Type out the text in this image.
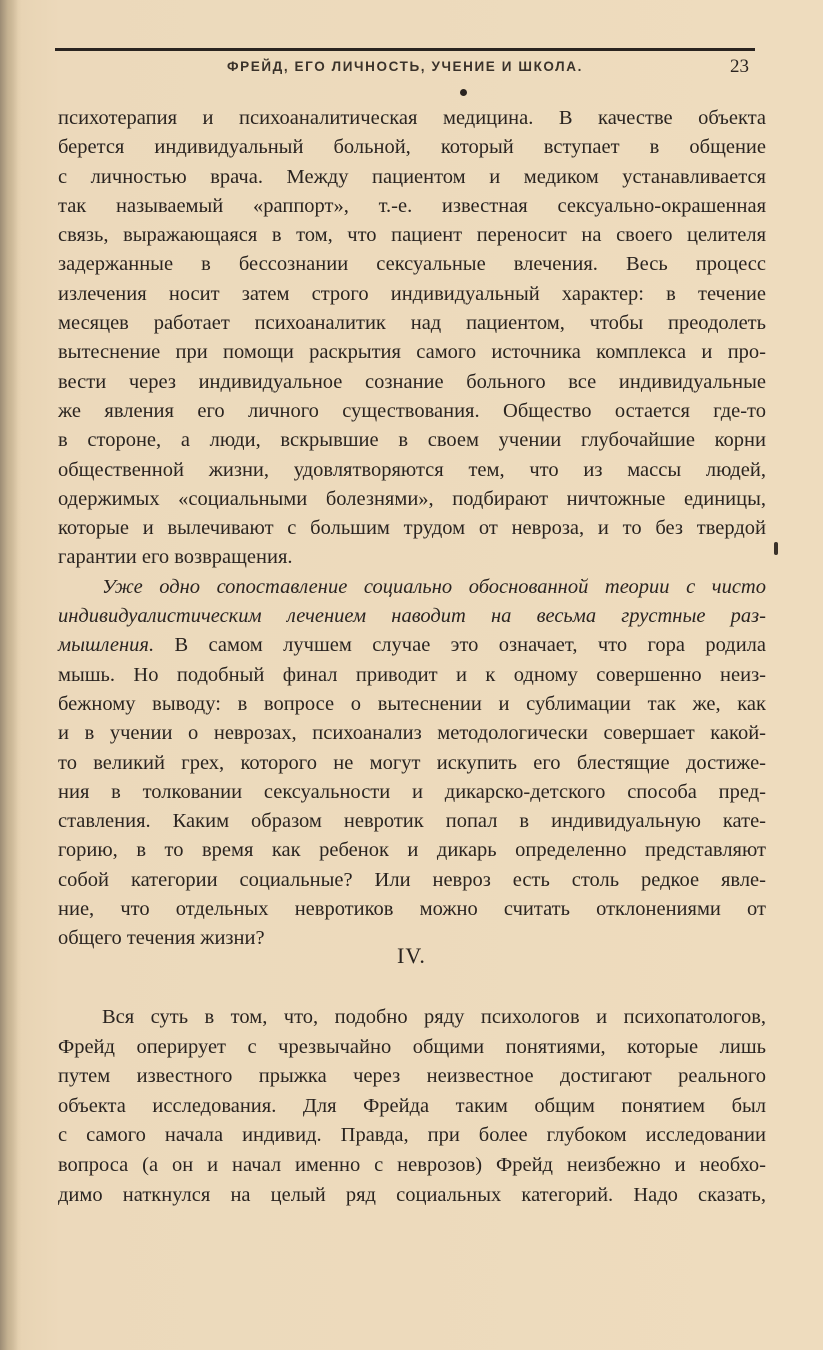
ФРЕЙД, ЕГО ЛИЧНОСТЬ, УЧЕНИЕ И ШКОЛА.	23
психотерапия и психоаналитическая медицина. В качестве объекта
берется индивидуальный больной, который вступает в общение
с личностью врача. Между пациентом и медиком устанавливается
так называемый «раппорт», т.-е. известная сексуально-окрашенная
связь, выражающаяся в том, что пациент переносит на своего целителя
задержанные в бессознании сексуальные влечения. Весь процесс
излечения носит затем строго индивидуальный характер: в течение
месяцев работает психоаналитик над пациентом, чтобы преодолеть
вытеснение при помощи раскрытия самого источника комплекса и про-
вести через индивидуальное сознание больного все индивидуальные
же явления его личного существования. Общество остается где-то
в стороне, а люди, вскрывшие в своем учении глубочайшие корни
общественной жизни, удовлятворяются тем, что из массы людей,
одержимых «социальными болезнями», подбирают ничтожные единицы,
которые и вылечивают с большим трудом от невроза, и то без твердой
гарантии его возвращения.
Уже одно сопоставление социально обоснованной теории с чисто
индивидуалистическим лечением наводит на весьма грустные раз-
мышления. В самом лучшем случае это означает, что гора родила
мышь. Но подобный финал приводит и к одному совершенно неиз-
бежному выводу: в вопросе о вытеснении и сублимации так же, как
и в учении о неврозах, психоанализ методологически совершает какой-
то великий грех, которого не могут искупить его блестящие достиже-
ния в толковании сексуальности и дикарско-детского способа пред-
ставления. Каким образом невротик попал в индивидуальную кате-
горию, в то время как ребенок и дикарь определенно представляют
собой категории социальные? Или невроз есть столь редкое явле-
ние, что отдельных невротиков можно считать отклонениями от
общего течения жизни?
IV.
Вся суть в том, что, подобно ряду психологов и психопатологов,
Фрейд оперирует с чрезвычайно общими понятиями, которые лишь
путем известного прыжка через неизвестное достигают реального
объекта исследования. Для Фрейда таким общим понятием был
с самого начала индивид. Правда, при более глубоком исследовании
вопроса (а он и начал именно с неврозов) Фрейд неизбежно и необхо-
димо наткнулся на целый ряд социальных категорий. Надо сказать,
